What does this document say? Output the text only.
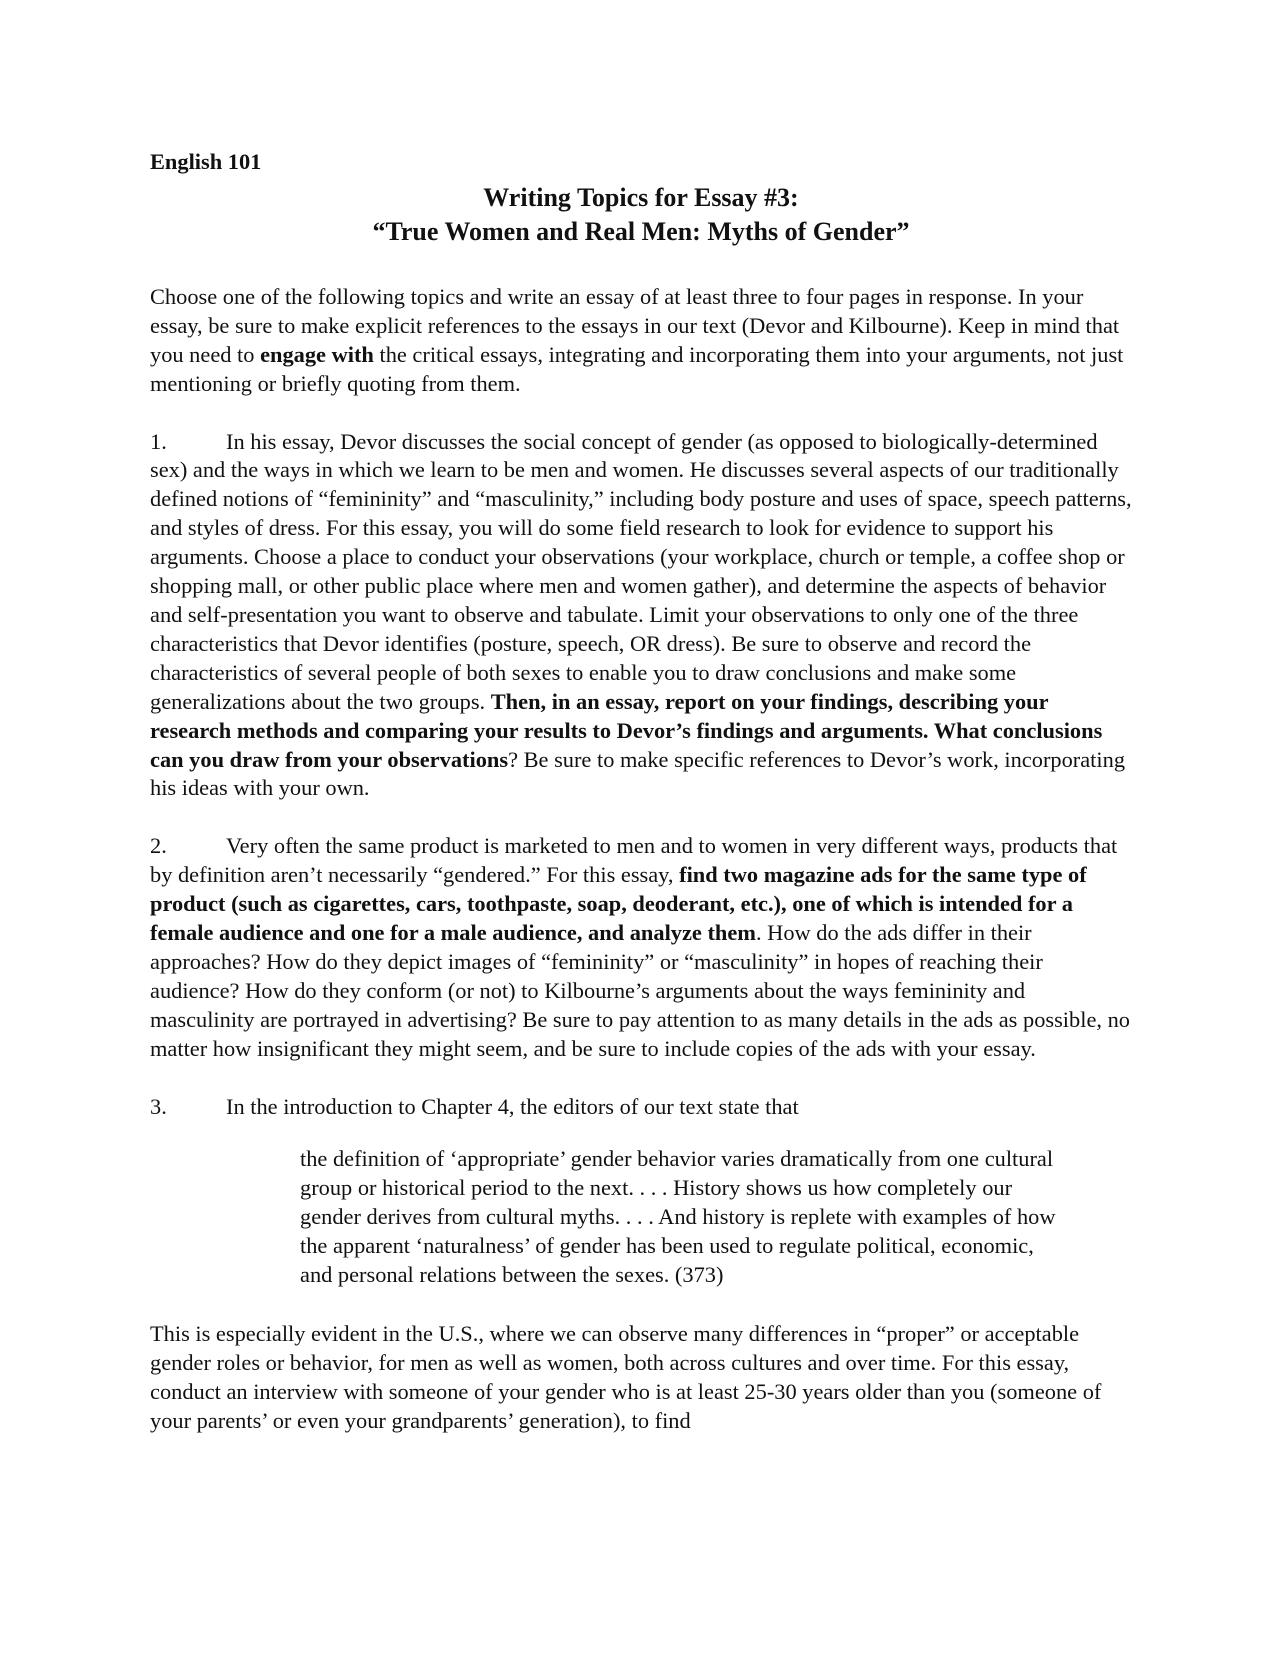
English 101

Writing Topics for Essay #3:

“True Women and Real Men: Myths of Gender”

Choose one of the following topics and write an essay of at least three to four pages in response. In your essay, be sure to make explicit references to the essays in our text (Devor and Kilbourne). Keep in mind that you need to engage with the critical essays, integrating and incorporating them into your arguments, not just mentioning or briefly quoting from them.

1.	In his essay, Devor discusses the social concept of gender (as opposed to biologically-determined sex) and the ways in which we learn to be men and women. He discusses several aspects of our traditionally defined notions of “femininity” and “masculinity,” including body posture and uses of space, speech patterns, and styles of dress. For this essay, you will do some field research to look for evidence to support his arguments. Choose a place to conduct your observations (your workplace, church or temple, a coffee shop or shopping mall, or other public place where men and women gather), and determine the aspects of behavior and self-presentation you want to observe and tabulate. Limit your observations to only one of the three characteristics that Devor identifies (posture, speech, OR dress). Be sure to observe and record the characteristics of several people of both sexes to enable you to draw conclusions and make some generalizations about the two groups. Then, in an essay, report on your findings, describing your research methods and comparing your results to Devor’s findings and arguments. What conclusions can you draw from your observations? Be sure to make specific references to Devor’s work, incorporating his ideas with your own.

2.	Very often the same product is marketed to men and to women in very different ways, products that by definition aren’t necessarily “gendered.” For this essay, find two magazine ads for the same type of product (such as cigarettes, cars, toothpaste, soap, deoderant, etc.), one of which is intended for a female audience and one for a male audience, and analyze them. How do the ads differ in their approaches? How do they depict images of “femininity” or “masculinity” in hopes of reaching their audience? How do they conform (or not) to Kilbourne’s arguments about the ways femininity and masculinity are portrayed in advertising? Be sure to pay attention to as many details in the ads as possible, no matter how insignificant they might seem, and be sure to include copies of the ads with your essay.

3.	In the introduction to Chapter 4, the editors of our text state that

the definition of ‘appropriate’ gender behavior varies dramatically from one cultural group or historical period to the next. . . . History shows us how completely our gender derives from cultural myths. . . . And history is replete with examples of how the apparent ‘naturalness’ of gender has been used to regulate political, economic, and personal relations between the sexes. (373)

This is especially evident in the U.S., where we can observe many differences in “proper” or acceptable gender roles or behavior, for men as well as women, both across cultures and over time. For this essay, conduct an interview with someone of your gender who is at least 25-30 years older than you (someone of your parents’ or even your grandparents’ generation), to find
